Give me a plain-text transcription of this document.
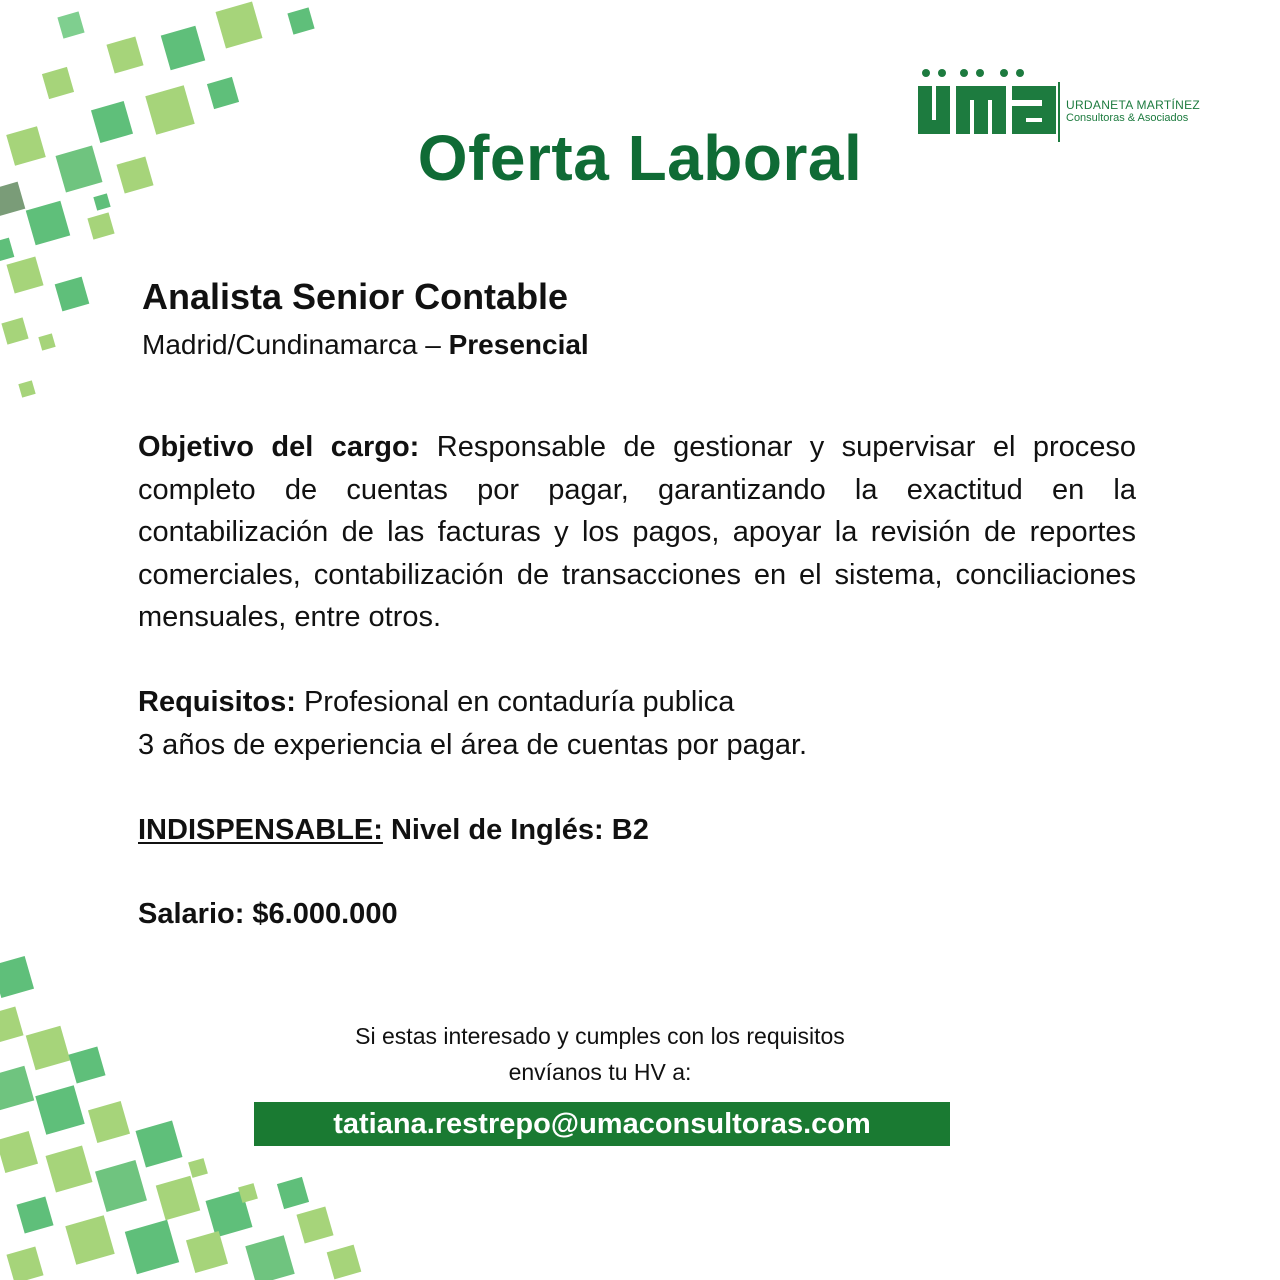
URDANETA MARTÍNEZ
Consultoras & Asociados
Oferta Laboral
Analista Senior Contable
Madrid/Cundinamarca – Presencial

Objetivo del cargo: Responsable de gestionar y supervisar el proceso completo de cuentas por pagar, garantizando la exactitud en la contabilización de las facturas y los pagos, apoyar la revisión de reportes comerciales, contabilización de transacciones en el sistema, conciliaciones mensuales, entre otros.

Requisitos: Profesional en contaduría publica
3 años de experiencia el área de cuentas por pagar.

INDISPENSABLE: Nivel de Inglés: B2

Salario: $6.000.000

Si estas interesado y cumples con los requisitos
envíanos tu HV a:
tatiana.restrepo@umaconsultoras.com
